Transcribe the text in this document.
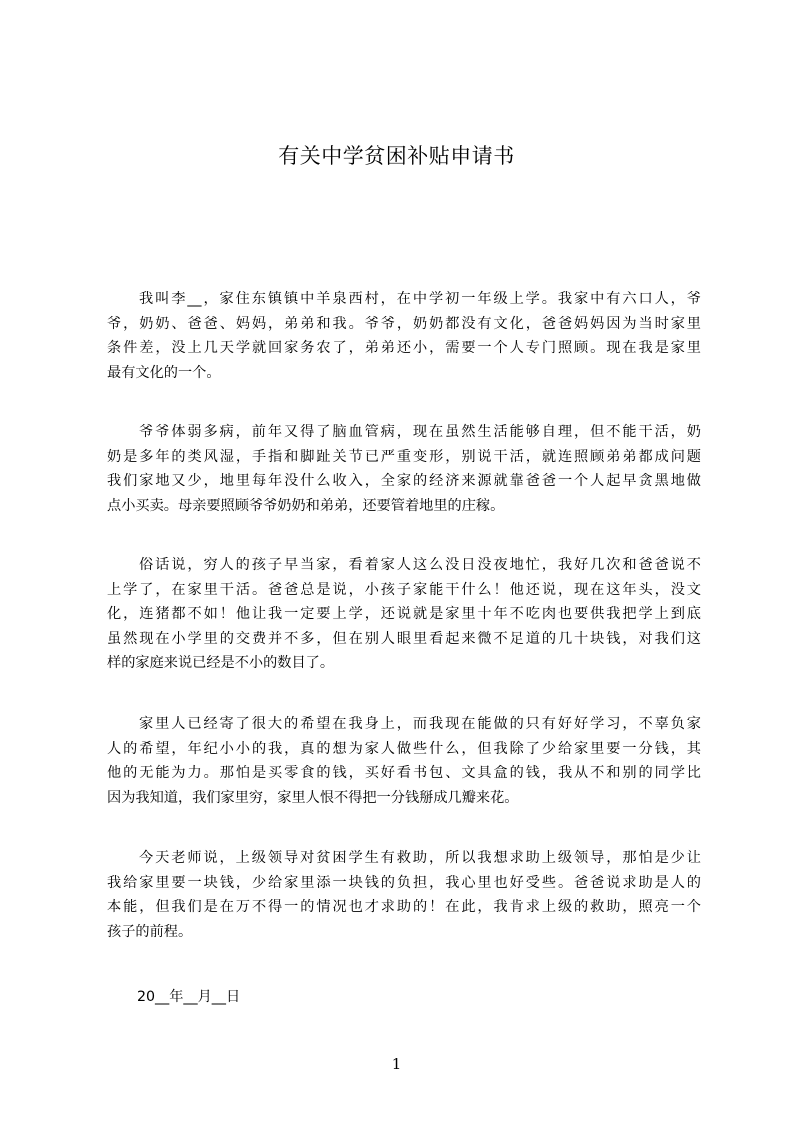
有关中学贫困补贴申请书
我叫李__，家住东镇镇中羊泉西村，在中学初一年级上学。我家中有六口人，爷
爷，奶奶、爸爸、妈妈，弟弟和我。爷爷，奶奶都没有文化，爸爸妈妈因为当时家里
条件差，没上几天学就回家务农了，弟弟还小，需要一个人专门照顾。现在我是家里
最有文化的一个。
爷爷体弱多病，前年又得了脑血管病，现在虽然生活能够自理，但不能干活，奶
奶是多年的类风湿，手指和脚趾关节已严重变形，别说干活，就连照顾弟弟都成问题
我们家地又少，地里每年没什么收入，全家的经济来源就靠爸爸一个人起早贪黑地做
点小买卖。母亲要照顾爷爷奶奶和弟弟，还要管着地里的庄稼。
俗话说，穷人的孩子早当家，看着家人这么没日没夜地忙，我好几次和爸爸说不
上学了，在家里干活。爸爸总是说，小孩子家能干什么！他还说，现在这年头，没文
化，连猪都不如！他让我一定要上学，还说就是家里十年不吃肉也要供我把学上到底
虽然现在小学里的交费并不多，但在别人眼里看起来微不足道的几十块钱，对我们这
样的家庭来说已经是不小的数目了。
家里人已经寄了很大的希望在我身上，而我现在能做的只有好好学习，不辜负家
人的希望，年纪小小的我，真的想为家人做些什么，但我除了少给家里要一分钱，其
他的无能为力。那怕是买零食的钱，买好看书包、文具盒的钱，我从不和别的同学比
因为我知道，我们家里穷，家里人恨不得把一分钱掰成几瓣来花。
今天老师说，上级领导对贫困学生有救助，所以我想求助上级领导，那怕是少让
我给家里要一块钱，少给家里添一块钱的负担，我心里也好受些。爸爸说求助是人的
本能，但我们是在万不得一的情况也才求助的！在此，我肯求上级的救助，照亮一个
孩子的前程。

20__年__月__日

1
